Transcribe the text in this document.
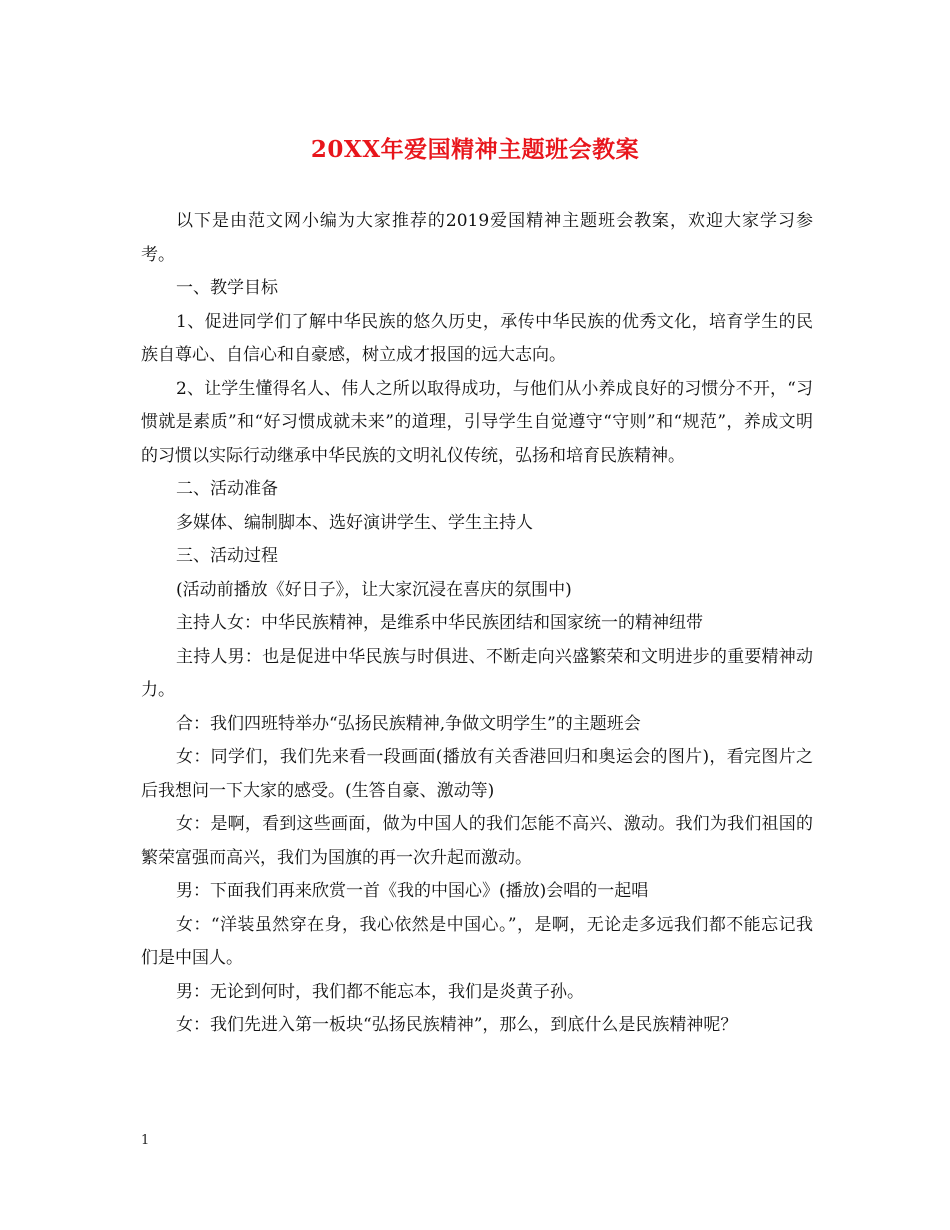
20XX年爱国精神主题班会教案

以下是由范文网小编为大家推荐的2019爱国精神主题班会教案，欢迎大家学习参考。

一、教学目标

1、促进同学们了解中华民族的悠久历史，承传中华民族的优秀文化，培育学生的民族自尊心、自信心和自豪感，树立成才报国的远大志向。

2、让学生懂得名人、伟人之所以取得成功，与他们从小养成良好的习惯分不开，“习惯就是素质”和“好习惯成就未来”的道理，引导学生自觉遵守“守则”和“规范”，养成文明的习惯以实际行动继承中华民族的文明礼仪传统，弘扬和培育民族精神。

二、活动准备

多媒体、编制脚本、选好演讲学生、学生主持人

三、活动过程

(活动前播放《好日子》，让大家沉浸在喜庆的氛围中)

主持人女：中华民族精神，是维系中华民族团结和国家统一的精神纽带

主持人男：也是促进中华民族与时俱进、不断走向兴盛繁荣和文明进步的重要精神动力。

合：我们四班特举办“弘扬民族精神,争做文明学生”的主题班会

女：同学们，我们先来看一段画面(播放有关香港回归和奥运会的图片)，看完图片之后我想问一下大家的感受。(生答自豪、激动等)

女：是啊，看到这些画面，做为中国人的我们怎能不高兴、激动。我们为我们祖国的繁荣富强而高兴，我们为国旗的再一次升起而激动。

男：下面我们再来欣赏一首《我的中国心》(播放)会唱的一起唱

女：“洋装虽然穿在身，我心依然是中国心。”，是啊，无论走多远我们都不能忘记我们是中国人。

男：无论到何时，我们都不能忘本，我们是炎黄子孙。

女：我们先进入第一板块“弘扬民族精神”，那么，到底什么是民族精神呢？

1
